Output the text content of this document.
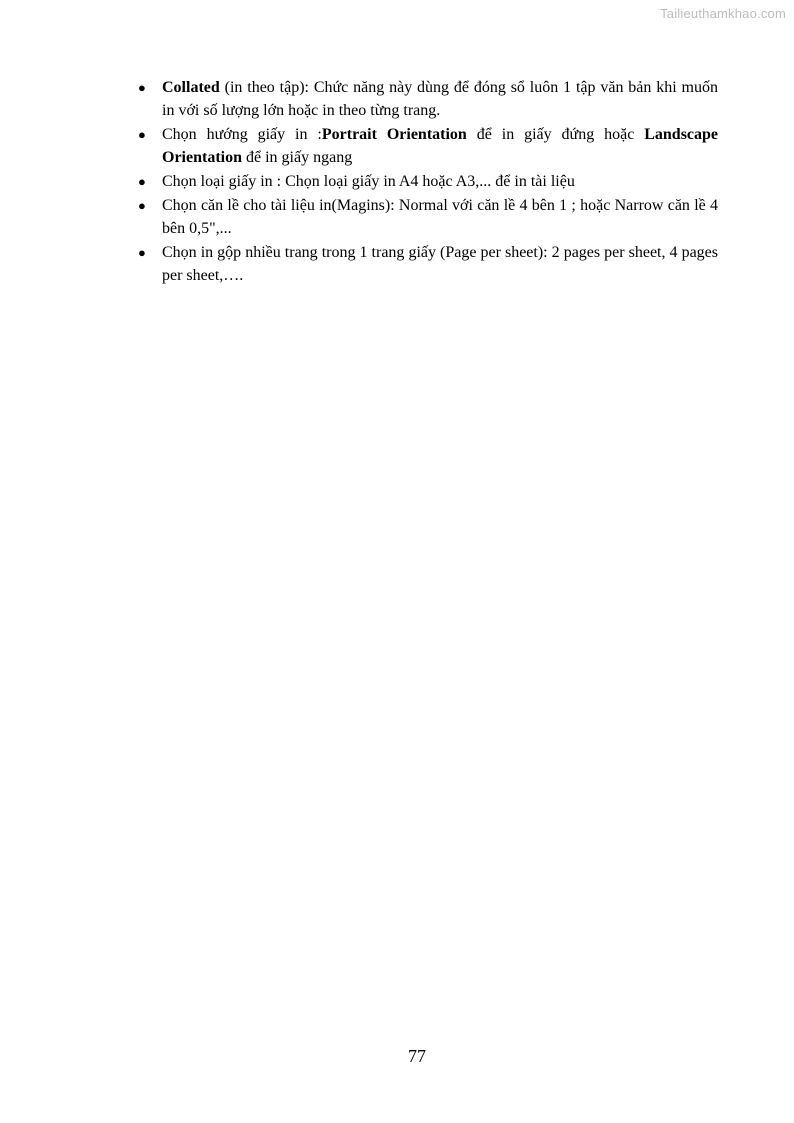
Tailieuthamkhao.com
● Collated (in theo tập): Chức năng này dùng để đóng sổ luôn 1 tập văn bản khi muốn in với số lượng lớn hoặc in theo từng trang.
● Chọn hướng giấy in :Portrait Orientation để in giấy đứng hoặc Landscape Orientation để in giấy ngang
● Chọn loại giấy in : Chọn loại giấy in A4 hoặc A3,... để in tài liệu
● Chọn căn lề cho tài liệu in(Magins): Normal với căn lề 4 bên 1 ; hoặc Narrow căn lề 4 bên 0,5",...
● Chọn in gộp nhiều trang trong 1 trang giấy (Page per sheet): 2 pages per sheet, 4 pages per sheet,….
77
